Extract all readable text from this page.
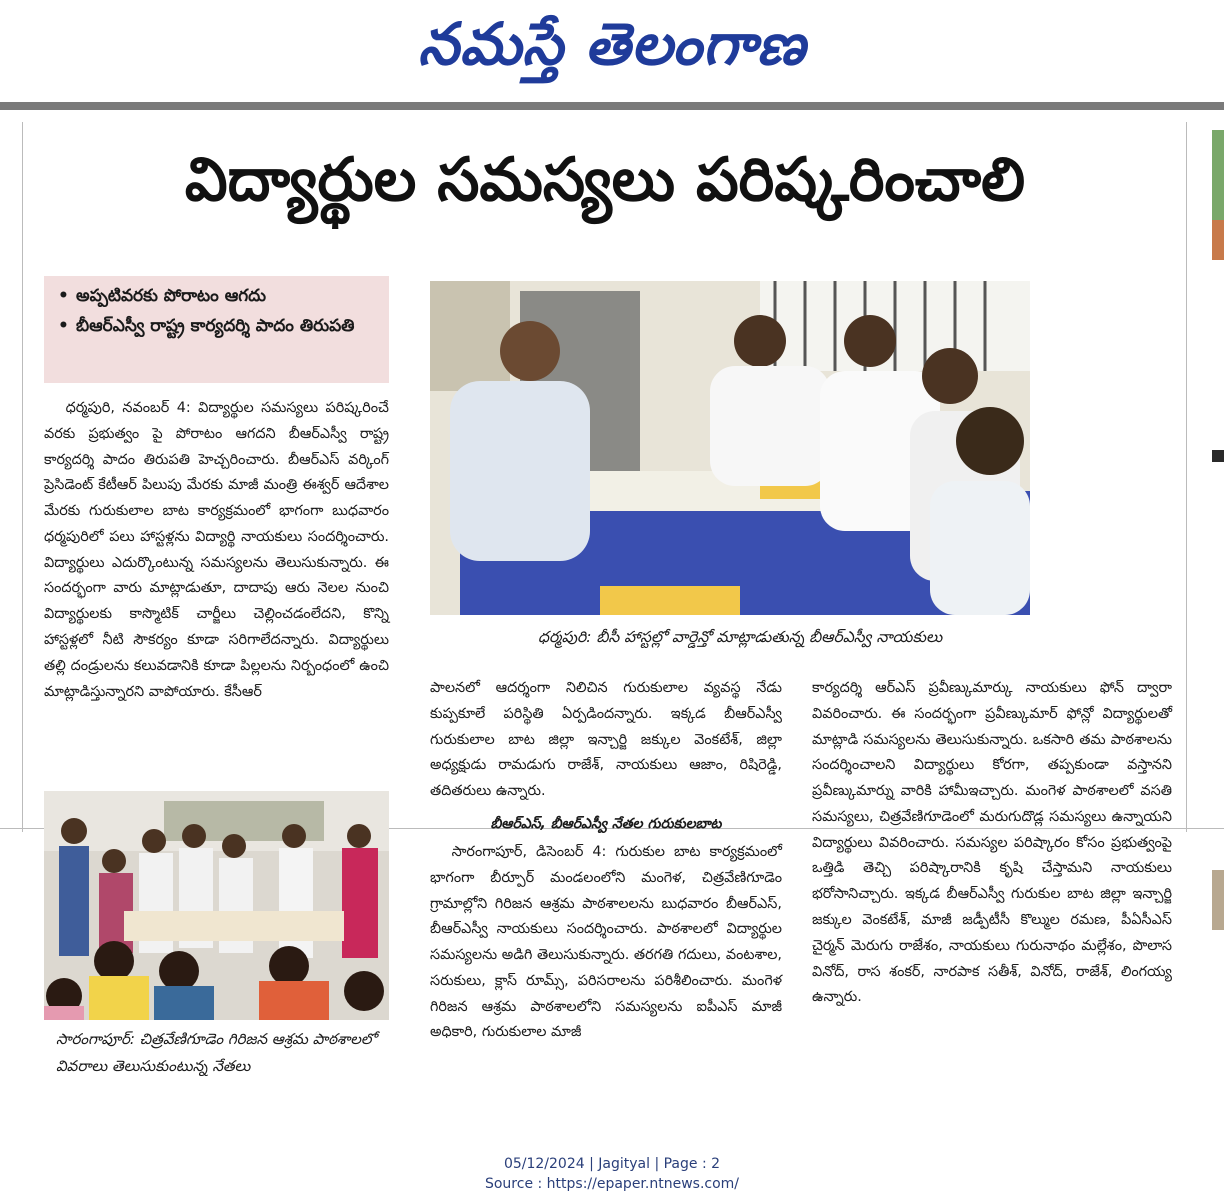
నమస్తే తెలంగాణ
విద్యార్థుల సమస్యలు పరిష్కరించాలి
• అప్పటివరకు పోరాటం ఆగదు
• బీఆర్ఎస్వీ రాష్ట్ర కార్యదర్శి పాదం తిరుపతి

ధర్మపురి, నవంబర్ 4: విద్యార్థుల సమస్యలు పరిష్కరించే వరకు ప్రభుత్వం పై పోరాటం ఆగదని బీఆర్ఎస్వీ రాష్ట్ర కార్యదర్శి పాదం తిరుపతి హెచ్చరించారు. బీఆర్ఎస్ వర్కింగ్ ప్రెసిడెంట్ కేటీఆర్ పిలుపు మేరకు మాజీ మంత్రి ఈశ్వర్ ఆదేశాల మేరకు గురుకులాల బాట కార్యక్రమంలో భాగంగా బుధవారం ధర్మపురిలో పలు హాస్టళ్లను విద్యార్థి నాయకులు సందర్శించారు. విద్యార్థులు ఎదుర్కొంటున్న సమస్యలను తెలుసుకున్నారు. ఈ సందర్భంగా వారు మాట్లాడుతూ, దాదాపు ఆరు నెలల నుంచి విద్యార్థులకు కాస్మొటిక్ చార్జీలు చెల్లించడంలేదని, కొన్ని హాస్టళ్లలో నీటి సౌకర్యం కూడా సరిగాలేదన్నారు. విద్యార్థులు తల్లి దండ్రులను కలువడానికి కూడా పిల్లలను నిర్బంధంలో ఉంచి మాట్లాడిస్తున్నారని వాపోయారు. కేసీఆర్

ధర్మపురి: బీసీ హాస్టల్లో వార్డెన్తో మాట్లాడుతున్న బీఆర్ఎస్వీ నాయకులు
సారంగాపూర్: చిత్రవేణిగూడెం గిరిజన ఆశ్రమ పాఠశాలలో వివరాలు తెలుసుకుంటున్న నేతలు

పాలనలో ఆదర్శంగా నిలిచిన గురుకులాల వ్యవస్థ నేడు కుప్పకూలే పరిస్థితి ఏర్పడిందన్నారు. ఇక్కడ బీఆర్ఎస్వీ గురుకులాల బాట జిల్లా ఇన్చార్జి జక్కుల వెంకటేశ్, జిల్లా అధ్యక్షుడు రామడుగు రాజేశ్, నాయకులు ఆజాం, రిషిరెడ్డి, తదితరులు ఉన్నారు.

బీఆర్ఎస్, బీఆర్ఎస్వీ నేతల గురుకులబాట

సారంగాపూర్, డిసెంబర్ 4: గురుకుల బాట కార్యక్రమంలో భాగంగా బీర్పూర్ మండలంలోని మంగెళ, చిత్రవేణిగూడెం గ్రామాల్లోని గిరిజన ఆశ్రమ పాఠశాలలను బుధవారం బీఆర్ఎస్, బీఆర్ఎస్వీ నాయకులు సందర్శించారు. పాఠశాలలో విద్యార్థుల సమస్యలను అడిగి తెలుసుకున్నారు. తరగతి గదులు, వంటశాల, సరుకులు, క్లాస్ రూమ్స్, పరిసరాలను పరిశీలించారు. మంగెళ గిరిజన ఆశ్రమ పాఠశాలలోని సమస్యలను ఐపీఎస్ మాజీ అధికారి, గురుకులాల మాజీ

కార్యదర్శి ఆర్ఎస్ ప్రవీణ్కుమార్కు నాయకులు ఫోన్ ద్వారా వివరించారు. ఈ సందర్భంగా ప్రవీణ్కుమార్ ఫోన్లో విద్యార్థులతో మాట్లాడి సమస్యలను తెలుసుకున్నారు. ఒకసారి తమ పాఠశాలను సందర్శించాలని విద్యార్థులు కోరగా, తప్పకుండా వస్తానని ప్రవీణ్కుమార్ను వారికి హామీఇచ్చారు. మంగెళ పాఠశాలలో వసతి సమస్యలు, చిత్రవేణిగూడెంలో మరుగుదొడ్ల సమస్యలు ఉన్నాయని విద్యార్థులు వివరించారు. సమస్యల పరిష్కారం కోసం ప్రభుత్వంపై ఒత్తిడి తెచ్చి పరిష్కారానికి కృషి చేస్తామని నాయకులు భరోసానిచ్చారు. ఇక్కడ బీఆర్ఎస్వీ గురుకుల బాట జిల్లా ఇన్చార్జి జక్కుల వెంకటేశ్, మాజీ జడ్పీటీసీ కొల్ముల రమణ, పీఏసీఎస్ చైర్మన్ మెరుగు రాజేశం, నాయకులు గురునాథం మల్లేశం, పొలాస వినోద్, రాస శంకర్, నారపాక సతీశ్, వినోద్, రాజేశ్, లింగయ్య ఉన్నారు.

05/12/2024 | Jagityal | Page : 2
Source : https://epaper.ntnews.com/
